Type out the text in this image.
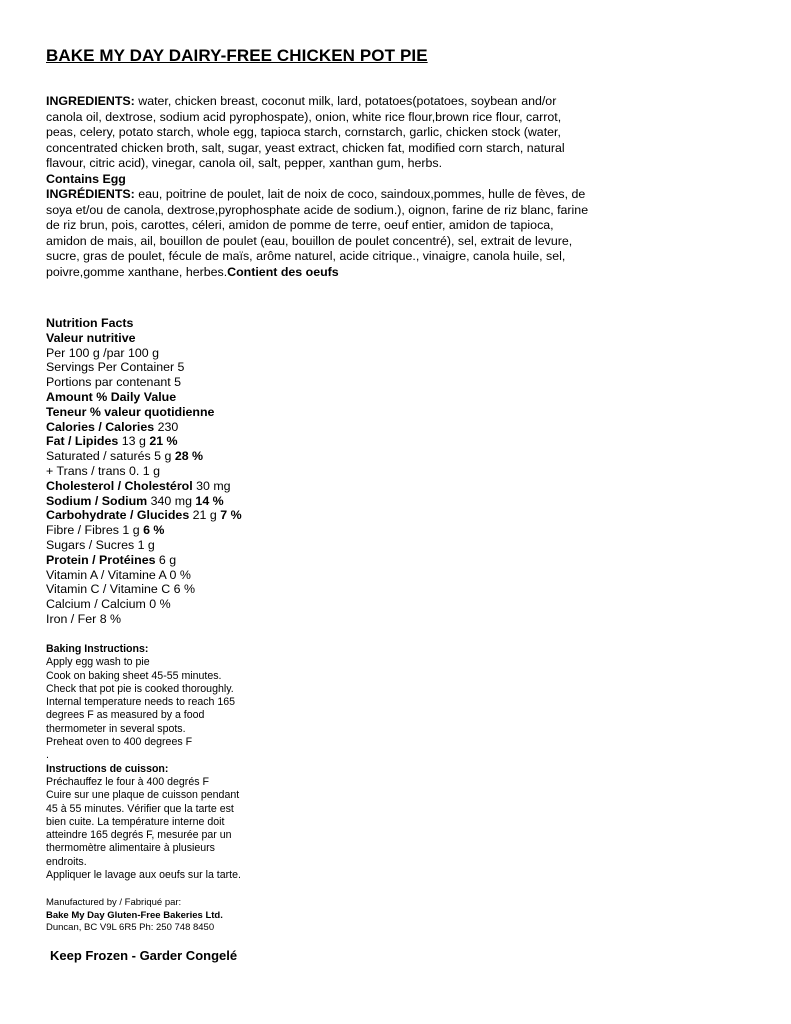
BAKE MY DAY DAIRY-FREE CHICKEN POT PIE
INGREDIENTS: water, chicken breast, coconut milk, lard, potatoes(potatoes, soybean and/or canola oil, dextrose, sodium acid pyrophospate), onion, white rice flour,brown rice flour, carrot, peas, celery, potato starch, whole egg, tapioca starch, cornstarch, garlic, chicken stock (water, concentrated chicken broth, salt, sugar, yeast extract, chicken fat, modified corn starch, natural flavour, citric acid), vinegar, canola oil, salt, pepper, xanthan gum, herbs.
Contains Egg
INGRÉDIENTS: eau, poitrine de poulet, lait de noix de coco, saindoux,pommes, hulle de fèves, de soya et/ou de canola, dextrose,pyrophosphate acide de sodium.), oignon, farine de riz blanc, farine de riz brun, pois, carottes, céleri, amidon de pomme de terre, oeuf entier, amidon de tapioca, amidon de mais, ail, bouillon de poulet (eau, bouillon de poulet concentré), sel, extrait de levure, sucre, gras de poulet, fécule de maïs, arôme naturel, acide citrique., vinaigre, canola huile, sel, poivre,gomme xanthane, herbes.Contient des oeufs
Nutrition Facts
Valeur nutritive
Per 100 g /par 100 g
Servings Per Container 5
Portions par contenant 5
Amount % Daily Value
Teneur % valeur quotidienne
Calories / Calories 230
Fat / Lipides 13 g 21 %
Saturated / saturés 5 g 28 %
+ Trans / trans 0. 1 g
Cholesterol / Cholestérol 30 mg
Sodium / Sodium 340 mg 14 %
Carbohydrate / Glucides 21 g 7 %
Fibre / Fibres 1 g 6 %
Sugars / Sucres 1 g
Protein / Protéines 6 g
Vitamin A / Vitamine A 0 %
Vitamin C / Vitamine C 6 %
Calcium / Calcium 0 %
Iron / Fer 8 %
Baking Instructions:
Apply egg wash to pie
Cook on baking sheet 45-55 minutes.
Check that pot pie is cooked thoroughly.
Internal temperature needs to reach 165
degrees F as measured by a food
thermometer in several spots.
Preheat oven to 400 degrees F
.
Instructions de cuisson:
Préchauffez le four à 400 degrés F
Cuire sur une plaque de cuisson pendant
45 à 55 minutes. Vérifier que la tarte est
bien cuite. La température interne doit
atteindre 165 degrés F, mesurée par un
thermomètre alimentaire à plusieurs
endroits.
Appliquer le lavage aux oeufs sur la tarte.
Manufactured by / Fabriqué par:
Bake My Day Gluten-Free Bakeries Ltd.
Duncan, BC V9L 6R5 Ph: 250 748 8450
Keep Frozen - Garder Congelé
